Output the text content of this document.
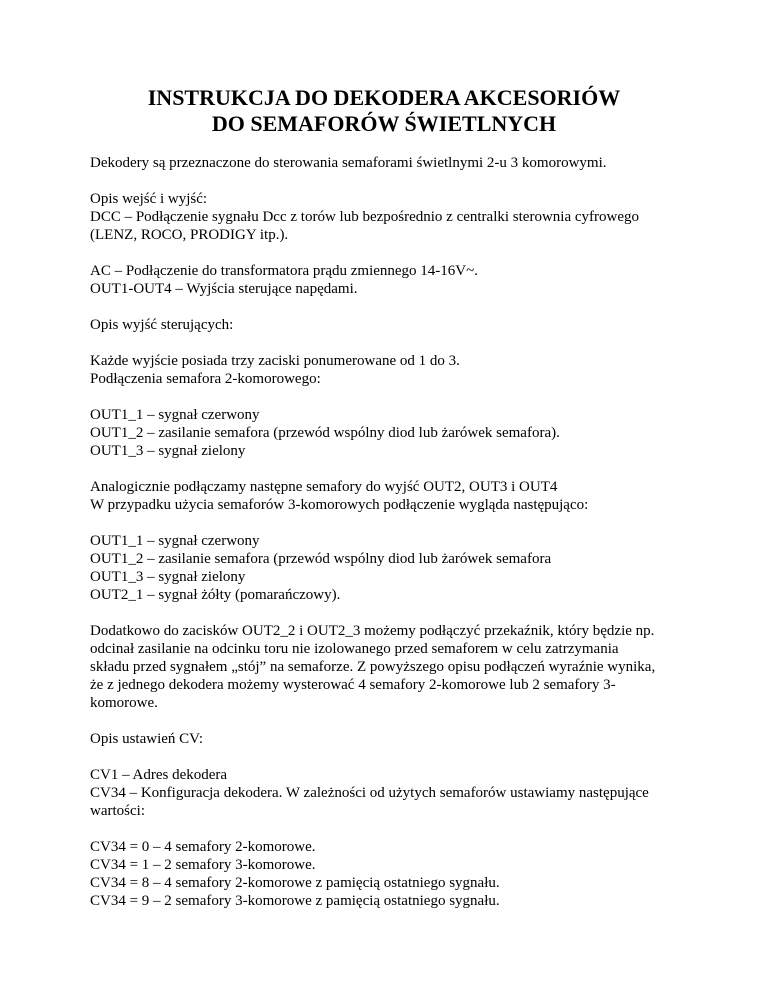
INSTRUKCJA DO DEKODERA AKCESORIÓW
DO SEMAFORÓW ŚWIETLNYCH

Dekodery są przeznaczone do sterowania semaforami świetlnymi 2-u 3 komorowymi.

Opis wejść i wyjść:
DCC – Podłączenie sygnału Dcc z torów lub bezpośrednio z centralki sterownia cyfrowego
(LENZ, ROCO, PRODIGY itp.).

AC – Podłączenie do transformatora prądu zmiennego 14-16V~.
OUT1-OUT4 – Wyjścia sterujące napędami.

Opis wyjść sterujących:

Każde wyjście posiada trzy zaciski ponumerowane od 1 do 3.
Podłączenia semafora 2-komorowego:

OUT1_1 – sygnał czerwony
OUT1_2 – zasilanie semafora (przewód wspólny diod lub żarówek semafora).
OUT1_3 – sygnał zielony

Analogicznie podłączamy następne semafory do wyjść OUT2, OUT3 i OUT4
W przypadku użycia semaforów 3-komorowych podłączenie wygląda następująco:

OUT1_1 – sygnał czerwony
OUT1_2 – zasilanie semafora (przewód wspólny diod lub żarówek semafora
OUT1_3 – sygnał zielony
OUT2_1 – sygnał żółty (pomarańczowy).

Dodatkowo do zacisków OUT2_2 i OUT2_3 możemy podłączyć przekaźnik, który będzie np.
odcinał zasilanie na odcinku toru nie izolowanego przed semaforem w celu zatrzymania
składu przed sygnałem „stój” na semaforze. Z powyższego opisu podłączeń wyraźnie wynika,
że z jednego dekodera możemy wysterować 4 semafory 2-komorowe lub 2 semafory 3-
komorowe.

Opis ustawień CV:

CV1 – Adres dekodera
CV34 – Konfiguracja dekodera. W zależności od użytych semaforów ustawiamy następujące
wartości:

CV34 = 0 – 4 semafory 2-komorowe.
CV34 = 1 – 2 semafory 3-komorowe.
CV34 = 8 – 4 semafory 2-komorowe z pamięcią ostatniego sygnału.
CV34 = 9 – 2 semafory 3-komorowe z pamięcią ostatniego sygnału.
